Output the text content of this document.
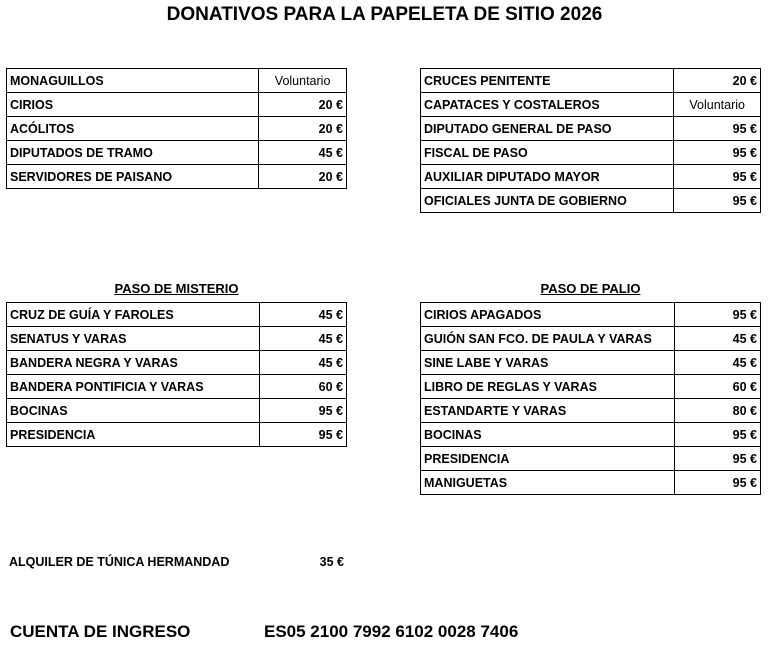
DONATIVOS PARA LA PAPELETA DE SITIO 2026
MONAGUILLOS	Voluntario
CIRIOS	20 €
ACÓLITOS	20 €
DIPUTADOS DE TRAMO	45 €
SERVIDORES DE PAISANO	20 €
CRUCES PENITENTE	20 €
CAPATACES Y COSTALEROS	Voluntario
DIPUTADO GENERAL DE PASO	95 €
FISCAL DE PASO	95 €
AUXILIAR DIPUTADO MAYOR	95 €
OFICIALES JUNTA DE GOBIERNO	95 €
PASO DE MISTERIO
CRUZ DE GUÍA Y FAROLES	45 €
SENATUS Y VARAS	45 €
BANDERA NEGRA Y VARAS	45 €
BANDERA PONTIFICIA Y VARAS	60 €
BOCINAS	95 €
PRESIDENCIA	95 €
PASO DE PALIO
CIRIOS APAGADOS	95 €
GUIÓN SAN FCO. DE PAULA Y VARAS	45 €
SINE LABE Y VARAS	45 €
LIBRO DE REGLAS Y VARAS	60 €
ESTANDARTE Y VARAS	80 €
BOCINAS	95 €
PRESIDENCIA	95 €
MANIGUETAS	95 €
ALQUILER DE TÚNICA HERMANDAD	35 €
CUENTA DE INGRESO	ES05 2100 7992 6102 0028 7406
